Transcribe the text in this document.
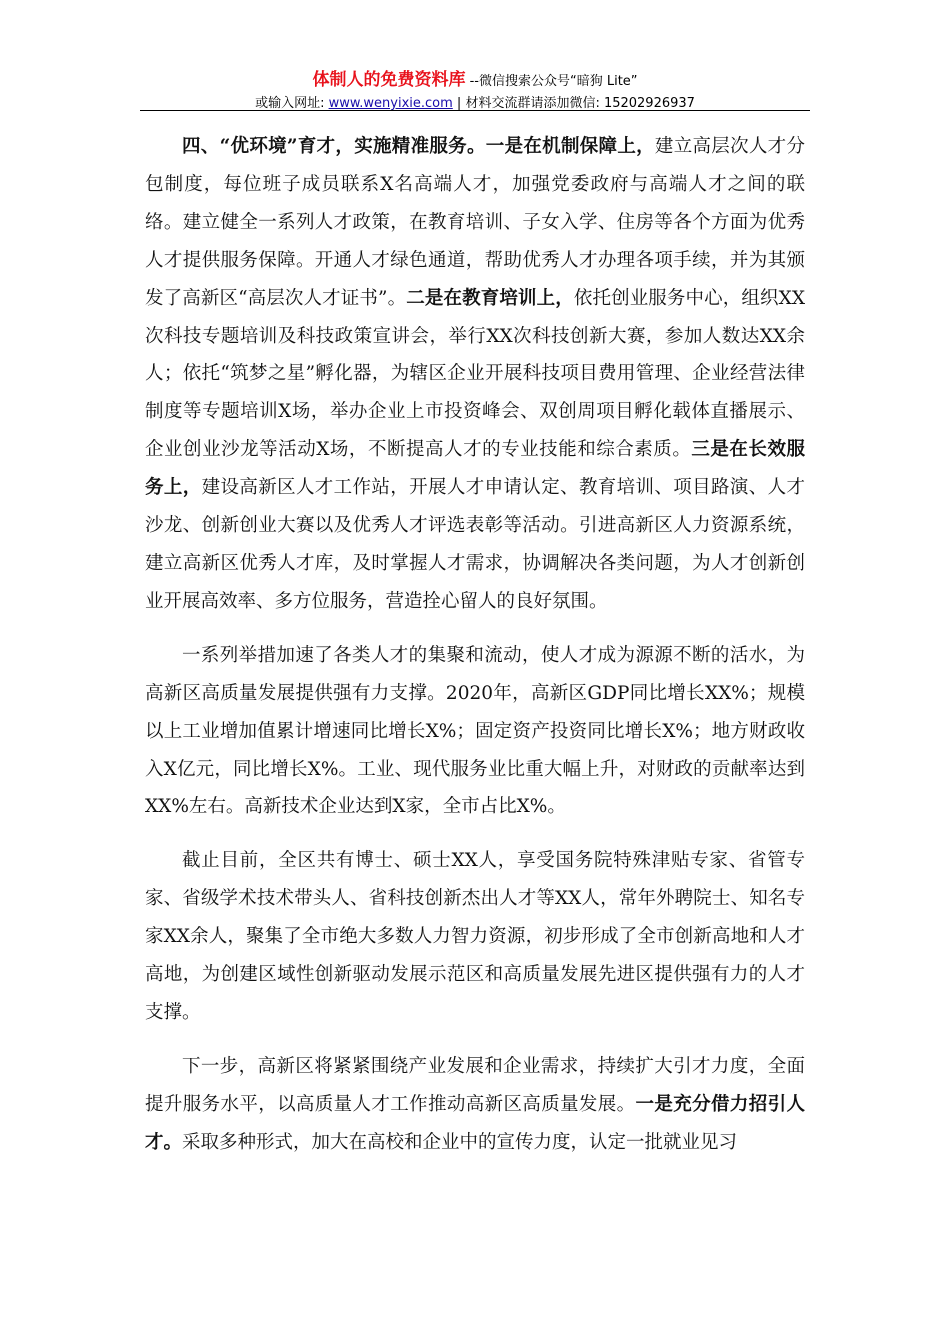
体制人的免费资料库 --微信搜索公众号“暗狗 Lite”
或输入网址: www.wenyixie.com | 材料交流群请添加微信: 15202926937

四、“优环境”育才，实施精准服务。一是在机制保障上，建立高层次人才分包制度，每位班子成员联系X名高端人才，加强党委政府与高端人才之间的联络。建立健全一系列人才政策，在教育培训、子女入学、住房等各个方面为优秀人才提供服务保障。开通人才绿色通道，帮助优秀人才办理各项手续，并为其颁发了高新区“高层次人才证书”。二是在教育培训上，依托创业服务中心，组织XX次科技专题培训及科技政策宣讲会，举行XX次科技创新大赛，参加人数达XX余人；依托“筑梦之星”孵化器，为辖区企业开展科技项目费用管理、企业经营法律制度等专题培训X场，举办企业上市投资峰会、双创周项目孵化载体直播展示、企业创业沙龙等活动X场，不断提高人才的专业技能和综合素质。三是在长效服务上，建设高新区人才工作站，开展人才申请认定、教育培训、项目路演、人才沙龙、创新创业大赛以及优秀人才评选表彰等活动。引进高新区人力资源系统，建立高新区优秀人才库，及时掌握人才需求，协调解决各类问题，为人才创新创业开展高效率、多方位服务，营造拴心留人的良好氛围。

一系列举措加速了各类人才的集聚和流动，使人才成为源源不断的活水，为高新区高质量发展提供强有力支撑。2020年，高新区GDP同比增长XX%；规模以上工业增加值累计增速同比增长X%；固定资产投资同比增长X%；地方财政收入X亿元，同比增长X%。工业、现代服务业比重大幅上升，对财政的贡献率达到XX%左右。高新技术企业达到X家，全市占比X%。

截止目前，全区共有博士、硕士XX人，享受国务院特殊津贴专家、省管专家、省级学术技术带头人、省科技创新杰出人才等XX人，常年外聘院士、知名专家XX余人，聚集了全市绝大多数人力智力资源，初步形成了全市创新高地和人才高地，为创建区域性创新驱动发展示范区和高质量发展先进区提供强有力的人才支撑。

下一步，高新区将紧紧围绕产业发展和企业需求，持续扩大引才力度，全面提升服务水平，以高质量人才工作推动高新区高质量发展。一是充分借力招引人才。采取多种形式，加大在高校和企业中的宣传力度，认定一批就业见习
